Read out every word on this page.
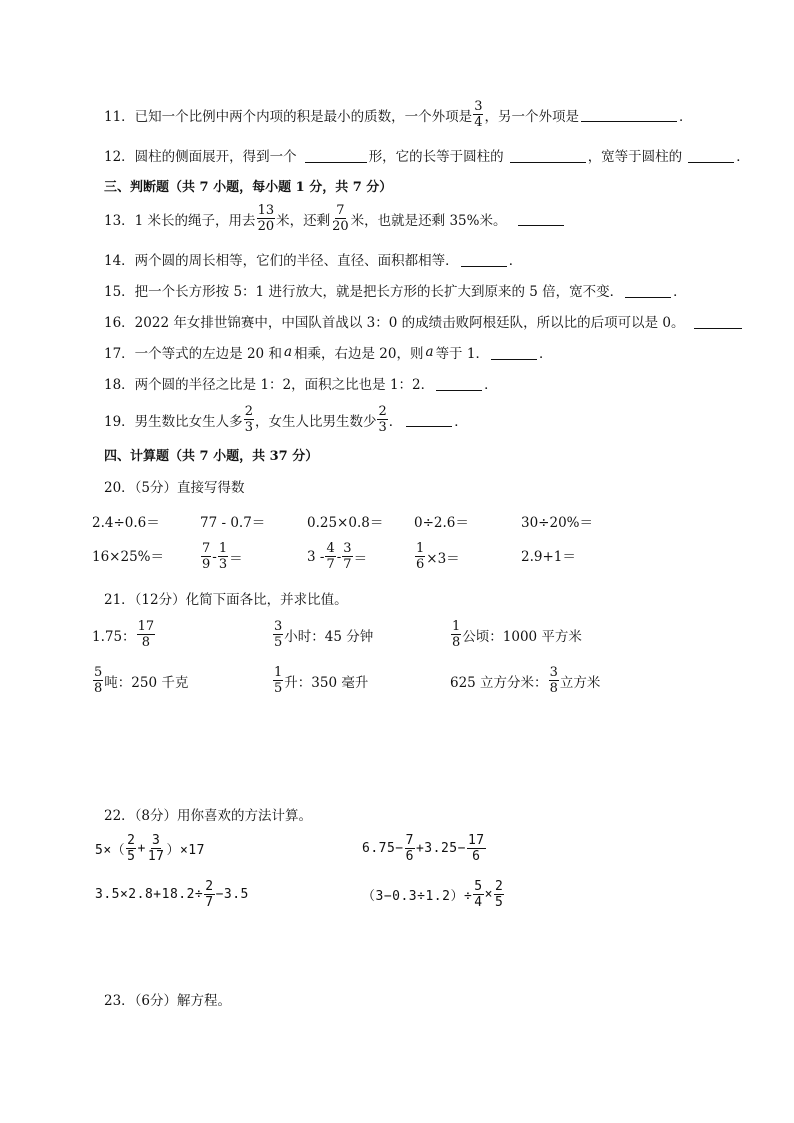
11．已知一个比例中两个内项的积是最小的质数，一个外项是 $\frac{3}{4}$ ，另一个外项是	．
12．圆柱的侧面展开，得到一个	形，它的长等于圆柱的	，宽等于圆柱的	．
三、判断题（共 7 小题，每小题 1 分，共 7 分）
13．1 米长的绳子，用去 $\frac{13}{20}$ 米，还剩 $\frac{7}{20}$ 米，也就是还剩 35%米。
14．两个圆的周长相等，它们的半径、直径、面积都相等．	．
15．把一个长方形按 5：1 进行放大，就是把长方形的长扩大到原来的 5 倍，宽不变．	．
16．2022 年女排世锦赛中，中国队首战以 3：0 的成绩击败阿根廷队，所以比的后项可以是 0。
17．一个等式的左边是 20 和 a 相乘，右边是 20，则 a 等于 1．	．
18．两个圆的半径之比是 1：2，面积之比也是 1：2．	．
19．男生数比女生人多 $\frac{2}{3}$ ，女生人比男生数少 $\frac{2}{3}$ ．	．
四、计算题（共 7 小题，共 37 分）
20．（5分）直接写得数
2.4÷0.6＝	77 - 0.7＝	0.25×0.8＝ 0÷2.6＝	30÷20%＝
16×25%＝	$\frac{7}{9} - \frac{1}{3}$ ＝	$3 - \frac{4}{7} - \frac{3}{7}$ ＝	$\frac{1}{6} \times 3=$	2.9+1＝
21．（12分）化简下面各比，并求比值。
1.75： $\frac{17}{8}$	$\frac{3}{5}$ 小时：45 分钟	$\frac{1}{8}$ 公顷：1000 平方米
$\frac{5}{8}$ 吨：250 千克	$\frac{1}{5}$ 升：350 毫升	625 立方分米： $\frac{3}{8}$ 立方米
22．（8分）用你喜欢的方法计算。
$5\times( \frac{2}{5} + \frac{3}{17} )\times 17$	$6.75- \frac{7}{6} +3.25- \frac{17}{6}$
$3.5\times 2.8+18.2\div \frac{2}{7} -3.5$	$(3-0.3\div 1.2)\div \frac{5}{4} \times \frac{2}{5}$
23．（6分）解方程。
